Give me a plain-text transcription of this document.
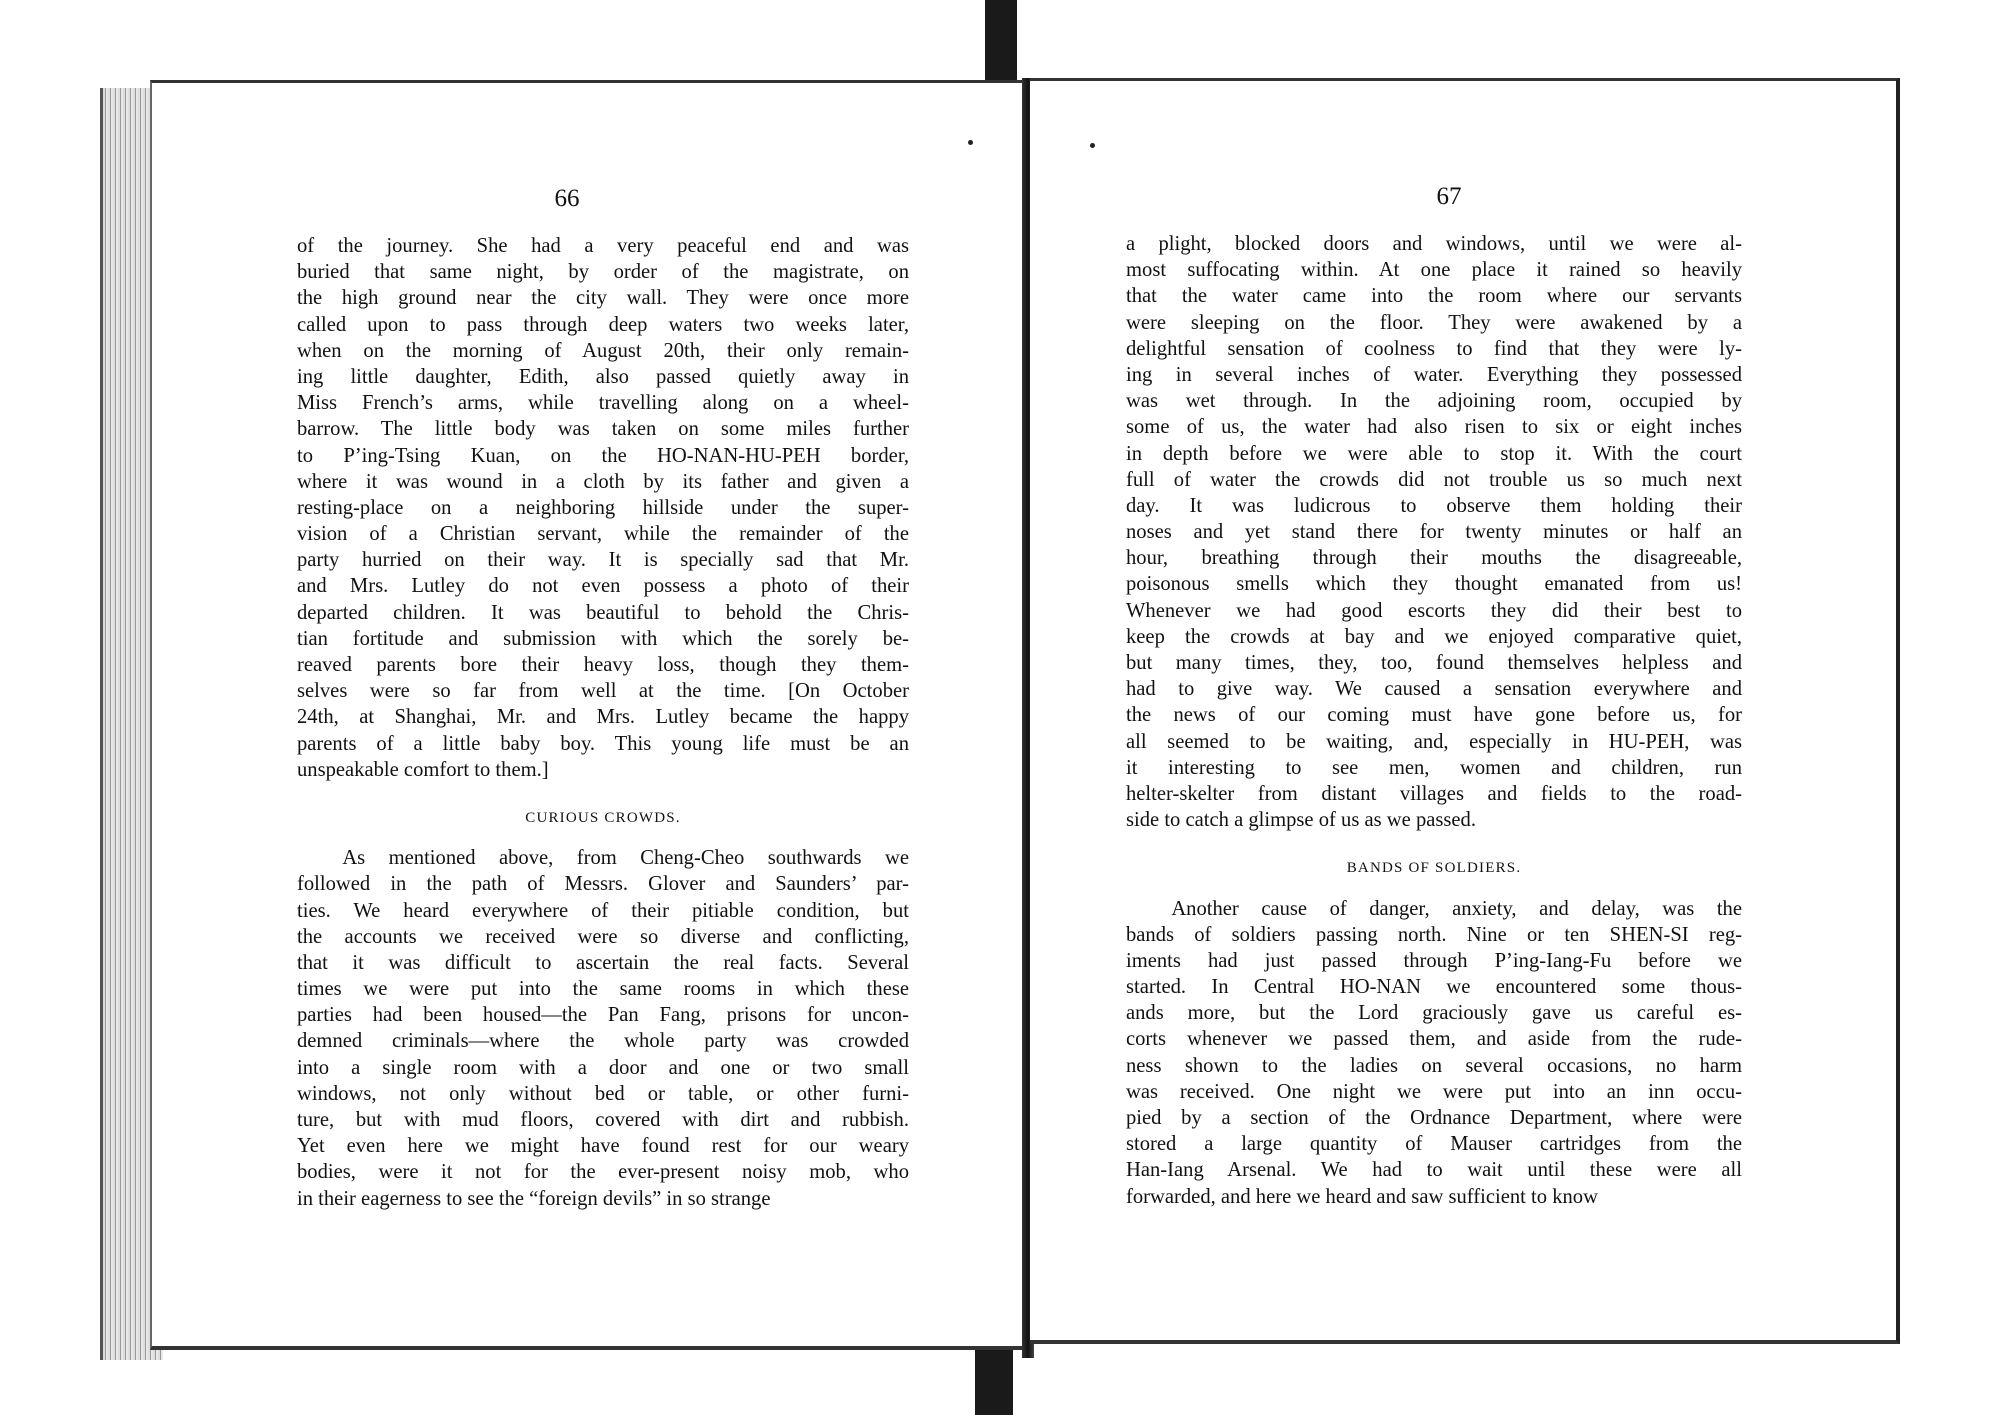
66
of the journey. She had a very peaceful end and was
buried that same night, by order of the magistrate, on
the high ground near the city wall. They were once more
called upon to pass through deep waters two weeks later,
when on the morning of August 20th, their only remain-
ing little daughter, Edith, also passed quietly away in
Miss French’s arms, while travelling along on a wheel-
barrow. The little body was taken on some miles further
to P’ing-Tsing Kuan, on the HO-NAN-HU-PEH border,
where it was wound in a cloth by its father and given a
resting-place on a neighboring hillside under the super-
vision of a Christian servant, while the remainder of the
party hurried on their way. It is specially sad that Mr.
and Mrs. Lutley do not even possess a photo of their
departed children. It was beautiful to behold the Chris-
tian fortitude and submission with which the sorely be-
reaved parents bore their heavy loss, though they them-
selves were so far from well at the time. [On October
24th, at Shanghai, Mr. and Mrs. Lutley became the happy
parents of a little baby boy. This young life must be an
unspeakable comfort to them.]
CURIOUS CROWDS.
As mentioned above, from Cheng-Cheo southwards we
followed in the path of Messrs. Glover and Saunders’ par-
ties. We heard everywhere of their pitiable condition, but
the accounts we received were so diverse and conflicting,
that it was difficult to ascertain the real facts. Several
times we were put into the same rooms in which these
parties had been housed—the Pan Fang, prisons for uncon-
demned criminals—where the whole party was crowded
into a single room with a door and one or two small
windows, not only without bed or table, or other furni-
ture, but with mud floors, covered with dirt and rubbish.
Yet even here we might have found rest for our weary
bodies, were it not for the ever-present noisy mob, who
in their eagerness to see the “foreign devils” in so strange
67
a plight, blocked doors and windows, until we were al-
most suffocating within. At one place it rained so heavily
that the water came into the room where our servants
were sleeping on the floor. They were awakened by a
delightful sensation of coolness to find that they were ly-
ing in several inches of water. Everything they possessed
was wet through. In the adjoining room, occupied by
some of us, the water had also risen to six or eight inches
in depth before we were able to stop it. With the court
full of water the crowds did not trouble us so much next
day. It was ludicrous to observe them holding their
noses and yet stand there for twenty minutes or half an
hour, breathing through their mouths the disagreeable,
poisonous smells which they thought emanated from us!
Whenever we had good escorts they did their best to
keep the crowds at bay and we enjoyed comparative quiet,
but many times, they, too, found themselves helpless and
had to give way. We caused a sensation everywhere and
the news of our coming must have gone before us, for
all seemed to be waiting, and, especially in HU-PEH, was
it interesting to see men, women and children, run
helter-skelter from distant villages and fields to the road-
side to catch a glimpse of us as we passed.
BANDS OF SOLDIERS.
Another cause of danger, anxiety, and delay, was the
bands of soldiers passing north. Nine or ten SHEN-SI reg-
iments had just passed through P’ing-Iang-Fu before we
started. In Central HO-NAN we encountered some thous-
ands more, but the Lord graciously gave us careful es-
corts whenever we passed them, and aside from the rude-
ness shown to the ladies on several occasions, no harm
was received. One night we were put into an inn occu-
pied by a section of the Ordnance Department, where were
stored a large quantity of Mauser cartridges from the
Han-Iang Arsenal. We had to wait until these were all
forwarded, and here we heard and saw sufficient to know
